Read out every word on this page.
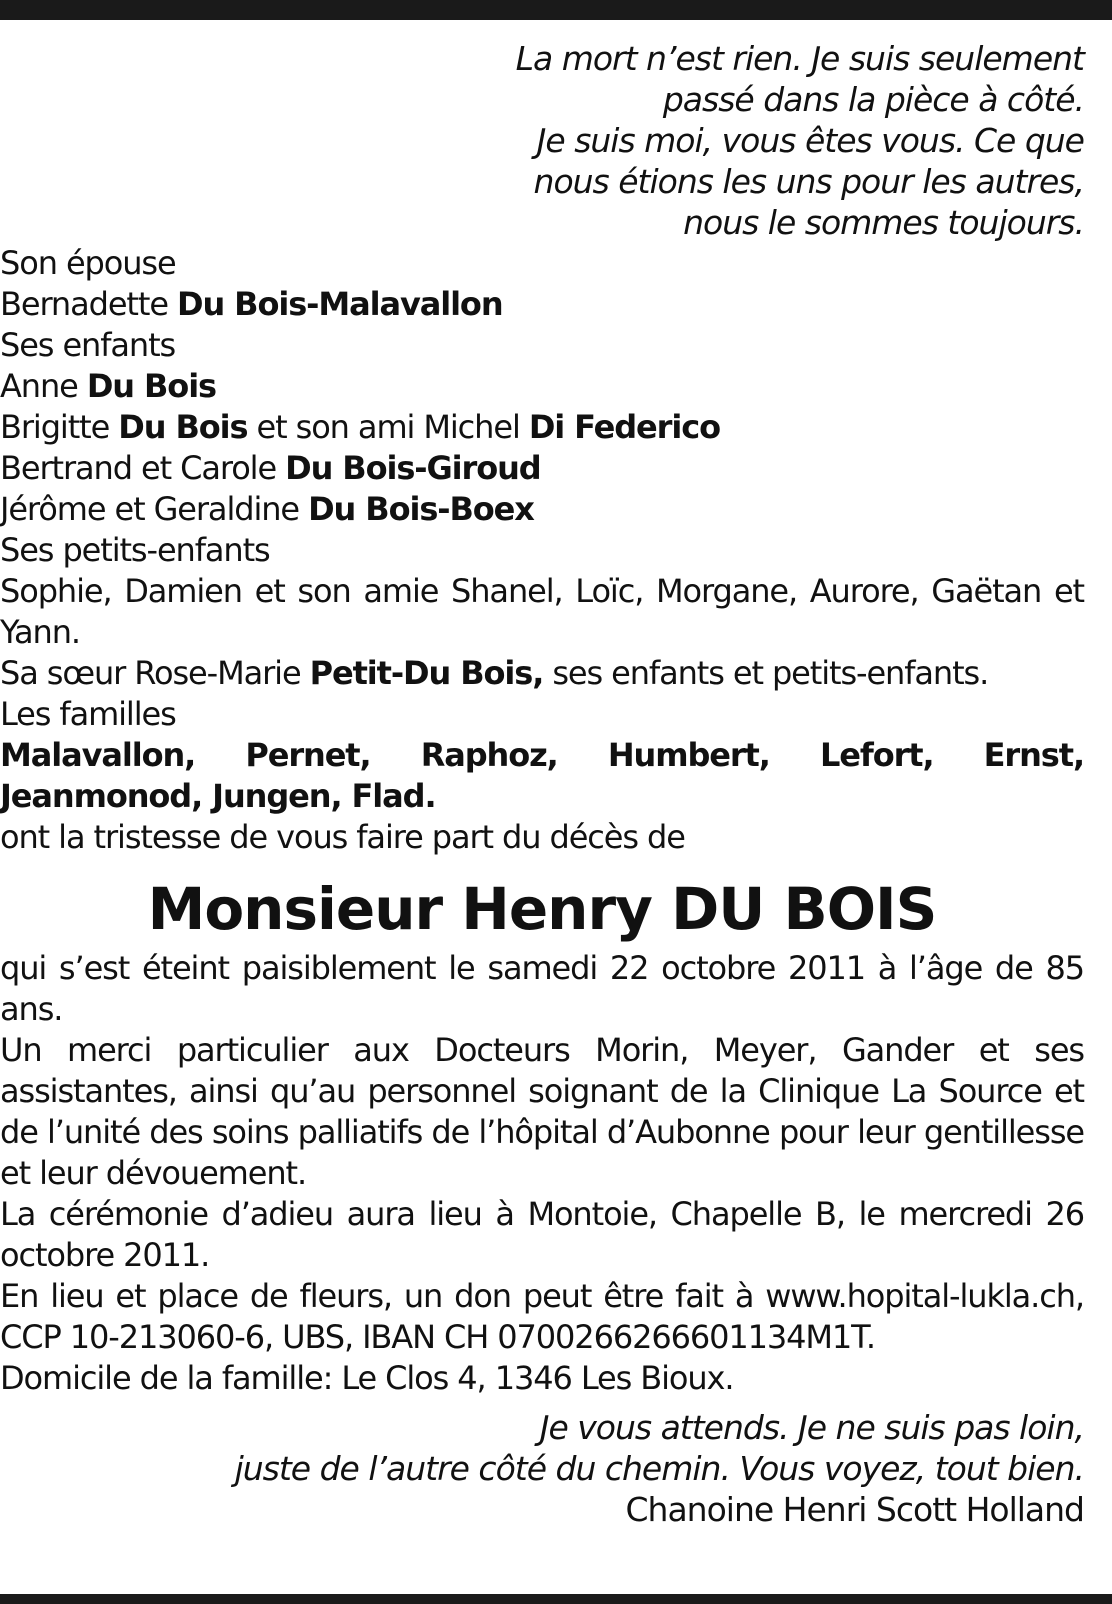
La mort n’est rien. Je suis seulement
passé dans la pièce à côté.
Je suis moi, vous êtes vous. Ce que
nous étions les uns pour les autres,
nous le sommes toujours.

Son épouse

Bernadette Du Bois-Malavallon

Ses enfants

Anne Du Bois

Brigitte Du Bois et son ami Michel Di Federico

Bertrand et Carole Du Bois-Giroud

Jérôme et Geraldine Du Bois-Boex

Ses petits-enfants

Sophie, Damien et son amie Shanel, Loïc, Morgane, Aurore, Gaëtan et Yann.

Sa sœur Rose-Marie Petit-Du Bois, ses enfants et petits-enfants.

Les familles

Malavallon, Pernet, Raphoz, Humbert, Lefort, Ernst, Jeanmonod, Jungen, Flad.

ont la tristesse de vous faire part du décès de

Monsieur Henry DU BOIS

qui s’est éteint paisiblement le samedi 22 octobre 2011 à l’âge de 85 ans.

Un merci particulier aux Docteurs Morin, Meyer, Gander et ses assistantes, ainsi qu’au personnel soignant de la Clinique La Source et de l’unité des soins palliatifs de l’hôpital d’Aubonne pour leur gentillesse et leur dévouement.

La cérémonie d’adieu aura lieu à Montoie, Chapelle B, le mercredi 26 octobre 2011.

En lieu et place de fleurs, un don peut être fait à www.hopital-lukla.ch, CCP 10-213060-6, UBS, IBAN CH 0700266266601134M1T.

Domicile de la famille: Le Clos 4, 1346 Les Bioux.

Je vous attends. Je ne suis pas loin,
juste de l’autre côté du chemin. Vous voyez, tout bien.
Chanoine Henri Scott Holland
